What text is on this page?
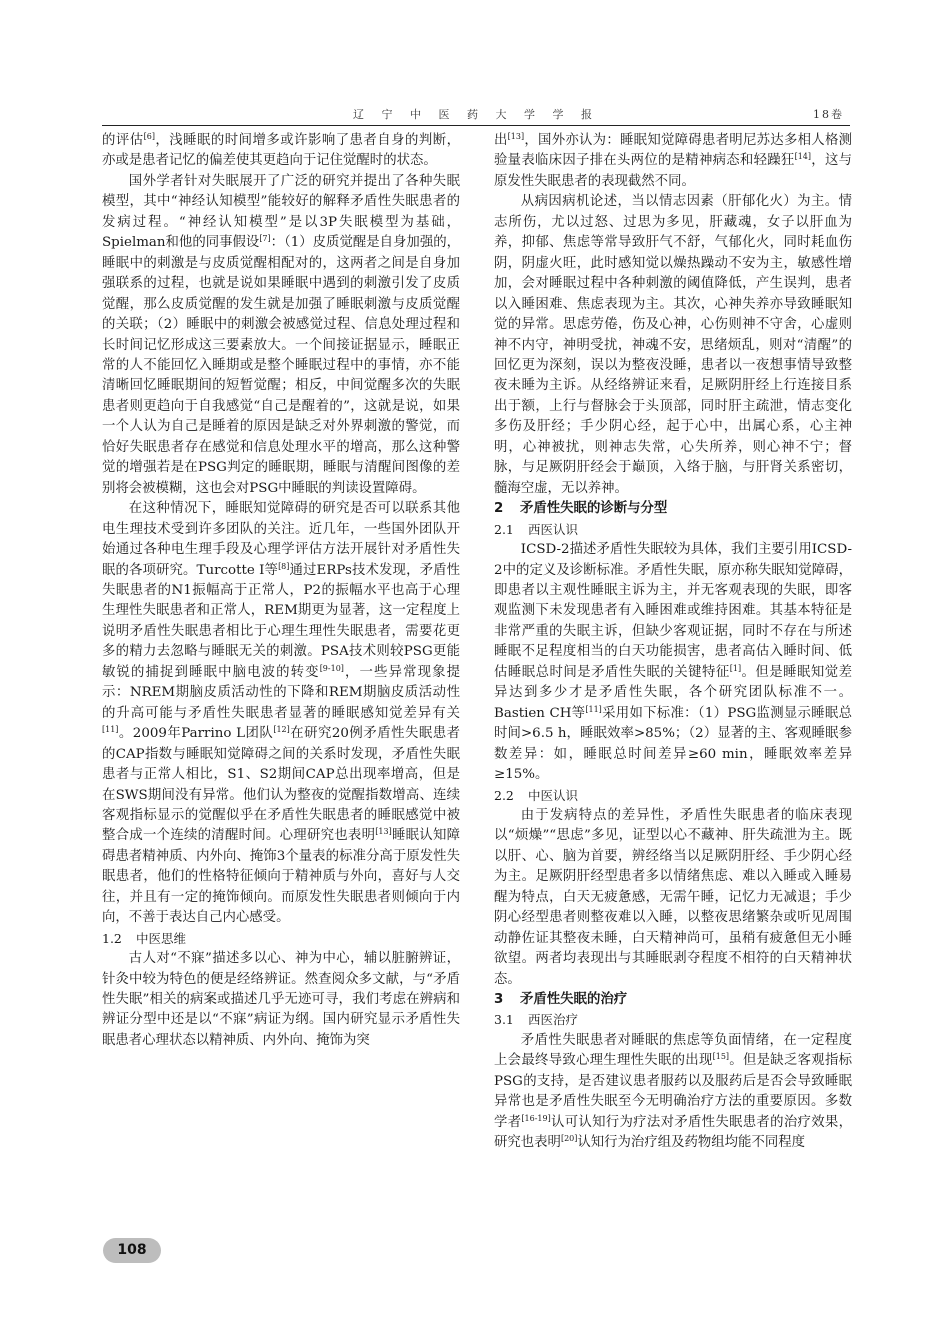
辽 宁 中 医 药 大 学 学 报	18卷

的评估[6]，浅睡眠的时间增多或许影响了患者自身的判断，亦或是患者记忆的偏差使其更趋向于记住觉醒时的状态。

国外学者针对失眠展开了广泛的研究并提出了各种失眠模型，其中“神经认知模型”能较好的解释矛盾性失眠患者的发病过程。“神经认知模型”是以3P失眠模型为基础，Spielman和他的同事假设[7]：（1）皮质觉醒是自身加强的，睡眠中的刺激是与皮质觉醒相配对的，这两者之间是自身加强联系的过程，也就是说如果睡眠中遇到的刺激引发了皮质觉醒，那么皮质觉醒的发生就是加强了睡眠刺激与皮质觉醒的关联；（2）睡眠中的刺激会被感觉过程、信息处理过程和长时间记忆形成这三要素放大。一个间接证据显示，睡眠正常的人不能回忆入睡期或是整个睡眠过程中的事情，亦不能清晰回忆睡眠期间的短暂觉醒；相反，中间觉醒多次的失眠患者则更趋向于自我感觉“自己是醒着的”，这就是说，如果一个人认为自己是睡着的原因是缺乏对外界刺激的警觉，而恰好失眠患者存在感觉和信息处理水平的增高，那么这种警觉的增强若是在PSG判定的睡眠期，睡眠与清醒间图像的差别将会被模糊，这也会对PSG中睡眠的判读设置障碍。

在这种情况下，睡眠知觉障碍的研究是否可以联系其他电生理技术受到许多团队的关注。近几年，一些国外团队开始通过各种电生理手段及心理学评估方法开展针对矛盾性失眠的各项研究。Turcotte I等[8]通过ERPs技术发现，矛盾性失眠患者的N1振幅高于正常人，P2的振幅水平也高于心理生理性失眠患者和正常人，REM期更为显著，这一定程度上说明矛盾性失眠患者相比于心理生理性失眠患者，需要花更多的精力去忽略与睡眠无关的刺激。PSA技术则较PSG更能敏锐的捕捉到睡眠中脑电波的转变[9-10]，一些异常现象提示：NREM期脑皮质活动性的下降和REM期脑皮质活动性的升高可能与矛盾性失眠患者显著的睡眠感知觉差异有关[11]。2009年Parrino L团队[12]在研究20例矛盾性失眠患者的CAP指数与睡眠知觉障碍之间的关系时发现，矛盾性失眠患者与正常人相比，S1、S2期间CAP总出现率增高，但是在SWS期间没有异常。他们认为整夜的觉醒指数增高、连续客观指标显示的觉醒似乎在矛盾性失眠患者的睡眠感觉中被整合成一个连续的清醒时间。心理研究也表明[13]睡眠认知障碍患者精神质、内外向、掩饰3个量表的标准分高于原发性失眠患者，他们的性格特征倾向于精神质与外向，喜好与人交往，并且有一定的掩饰倾向。而原发性失眠患者则倾向于内向，不善于表达自己内心感受。

1.2 中医思维

古人对“不寐”描述多以心、神为中心，辅以脏腑辨证，针灸中较为特色的便是经络辨证。然查阅众多文献，与“矛盾性失眠”相关的病案或描述几乎无迹可寻，我们考虑在辨病和辨证分型中还是以“不寐”病证为纲。国内研究显示矛盾性失眠患者心理状态以精神质、内外向、掩饰为突

出[13]，国外亦认为：睡眠知觉障碍患者明尼苏达多相人格测验量表临床因子排在头两位的是精神病态和轻躁狂[14]，这与原发性失眠患者的表现截然不同。

从病因病机论述，当以情志因素（肝郁化火）为主。情志所伤，尤以过怒、过思为多见，肝藏魂，女子以肝血为养，抑郁、焦虑等常导致肝气不舒，气郁化火，同时耗血伤阴，阴虚火旺，此时感知觉以燥热躁动不安为主，敏感性增加，会对睡眠过程中各种刺激的阈值降低，产生误判，患者以入睡困难、焦虑表现为主。其次，心神失养亦导致睡眠知觉的异常。思虑劳倦，伤及心神，心伤则神不守舍，心虚则神不内守，神明受扰，神魂不安，思绪烦乱，则对“清醒”的回忆更为深刻，误以为整夜没睡，患者以一夜想事情导致整夜未睡为主诉。从经络辨证来看，足厥阴肝经上行连接目系出于额，上行与督脉会于头顶部，同时肝主疏泄，情志变化多伤及肝经；手少阴心经，起于心中，出属心系，心主神明，心神被扰，则神志失常，心失所养，则心神不宁；督脉，与足厥阴肝经会于巅顶，入络于脑，与肝肾关系密切，髓海空虚，无以养神。

2 矛盾性失眠的诊断与分型
2.1 西医认识

ICSD-2描述矛盾性失眠较为具体，我们主要引用ICSD-2中的定义及诊断标准。矛盾性失眠，原亦称失眠知觉障碍，即患者以主观性睡眠主诉为主，并无客观表现的失眠，即客观监测下未发现患者有入睡困难或维持困难。其基本特征是非常严重的失眠主诉，但缺少客观证据，同时不存在与所述睡眠不足程度相当的白天功能损害，患者高估入睡时间、低估睡眠总时间是矛盾性失眠的关键特征[1]。但是睡眠知觉差异达到多少才是矛盾性失眠，各个研究团队标准不一。Bastien CH等[11]采用如下标准：（1）PSG监测显示睡眠总时间>6.5 h，睡眠效率>85%；（2）显著的主、客观睡眠参数差异：如，睡眠总时间差异≥60 min，睡眠效率差异≥15%。

2.2 中医认识

由于发病特点的差异性，矛盾性失眠患者的临床表现以“烦燥”“思虑”多见，证型以心不藏神、肝失疏泄为主。既以肝、心、脑为首要，辨经络当以足厥阴肝经、手少阴心经为主。足厥阴肝经型患者多以情绪焦虑、难以入睡或入睡易醒为特点，白天无疲惫感，无需午睡，记忆力无减退；手少阴心经型患者则整夜难以入睡，以整夜思绪繁杂或听见周围动静佐证其整夜未睡，白天精神尚可，虽稍有疲惫但无小睡欲望。两者均表现出与其睡眠剥夺程度不相符的白天精神状态。

3 矛盾性失眠的治疗
3.1 西医治疗

矛盾性失眠患者对睡眠的焦虑等负面情绪，在一定程度上会最终导致心理生理性失眠的出现[15]。但是缺乏客观指标PSG的支持，是否建议患者服药以及服药后是否会导致睡眠异常也是矛盾性失眠至今无明确治疗方法的重要原因。多数学者[16-19]认可认知行为疗法对矛盾性失眠患者的治疗效果，研究也表明[20]认知行为治疗组及药物组均能不同程度

108
